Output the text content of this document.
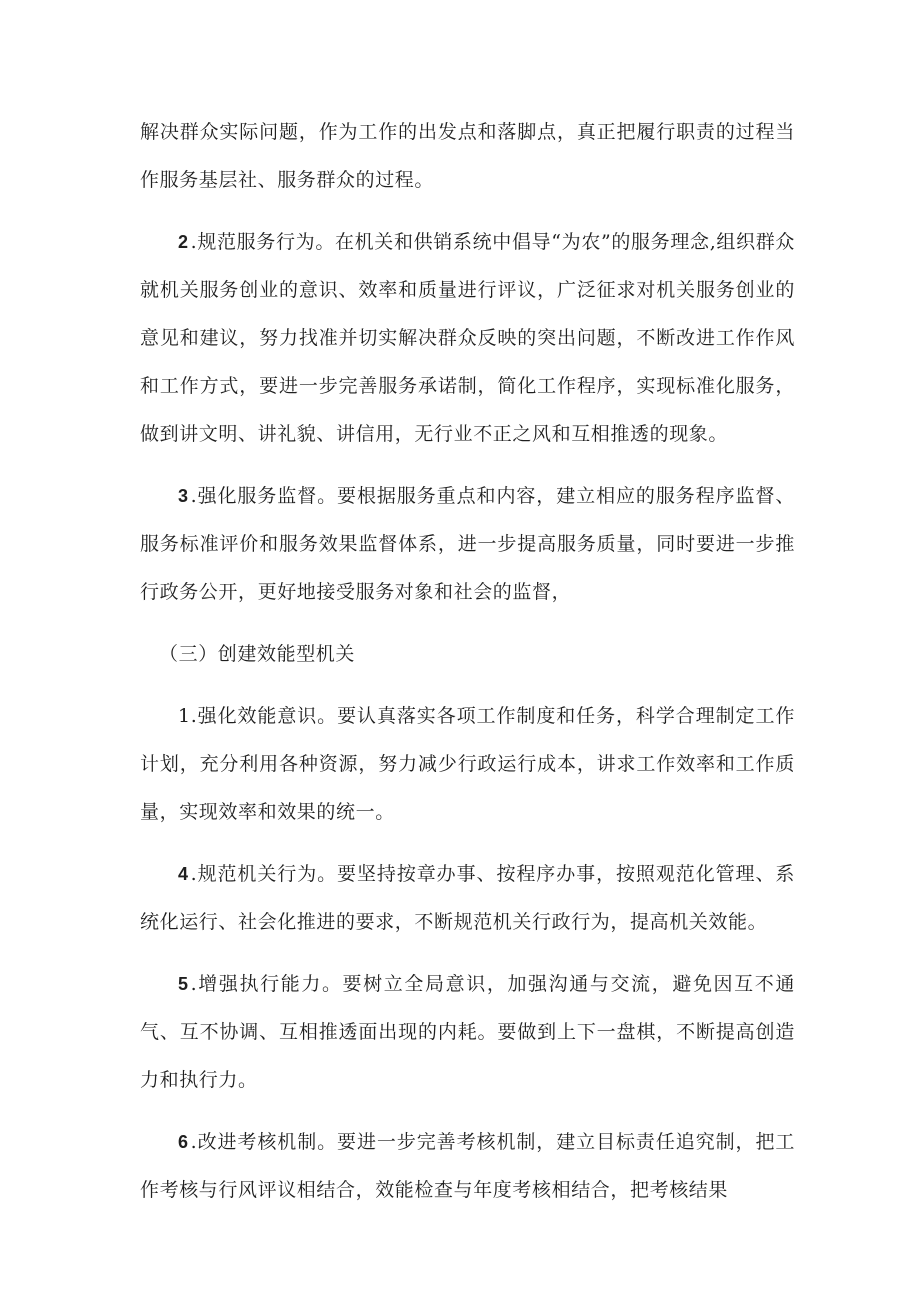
解决群众实际问题，作为工作的出发点和落脚点，真正把履行职责的过程当作服务基层社、服务群众的过程。

2 .规范服务行为。在机关和供销系统中倡导“为农”的服务理念,组织群众就机关服务创业的意识、效率和质量进行评议，广泛征求对机关服务创业的意见和建议，努力找准并切实解决群众反映的突出问题，不断改进工作作风和工作方式，要进一步完善服务承诺制，简化工作程序，实现标准化服务，做到讲文明、讲礼貌、讲信用，无行业不正之风和互相推透的现象。

3 .强化服务监督。要根据服务重点和内容，建立相应的服务程序监督、服务标准评价和服务效果监督体系，进一步提高服务质量，同时要进一步推行政务公开，更好地接受服务对象和社会的监督，

（三）创建效能型机关

1.强化效能意识。要认真落实各项工作制度和任务，科学合理制定工作计划，充分利用各种资源，努力减少行政运行成本，讲求工作效率和工作质量，实现效率和效果的统一。

4 .规范机关行为。要坚持按章办事、按程序办事，按照观范化管理、系统化运行、社会化推进的要求，不断规范机关行政行为，提高机关效能。

5 .增强执行能力。要树立全局意识，加强沟通与交流，避免因互不通气、互不协调、互相推透面出现的内耗。要做到上下一盘棋，不断提高创造力和执行力。

6 .改进考核机制。要进一步完善考核机制，建立目标责任追究制，把工作考核与行风评议相结合，效能检查与年度考核相结合，把考核结果
